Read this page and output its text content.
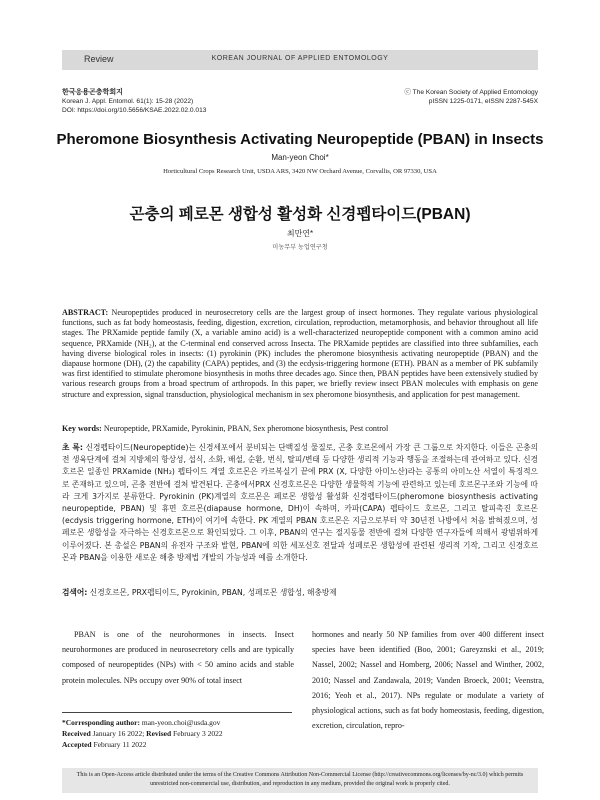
Review	KOREAN JOURNAL OF APPLIED ENTOMOLOGY
한국응용곤충학회지
Korean J. Appl. Entomol. 61(1): 15-28 (2022)
DOI: https://doi.org/10.5656/KSAE.2022.02.0.013
ⓒ The Korean Society of Applied Entomology
pISSN 1225-0171, eISSN 2287-545X
Pheromone Biosynthesis Activating Neuropeptide (PBAN) in Insects
Man-yeon Choi*
Horticultural Crops Research Unit, USDA ARS, 3420 NW Orchard Avenue, Corvallis, OR 97330, USA
곤충의 페로몬 생합성 활성화 신경펩타이드(PBAN)
최만연*
미농무부 농업연구청
ABSTRACT: Neuropeptides produced in neurosecretory cells are the largest group of insect hormones. They regulate various physiological functions, such as fat body homeostasis, feeding, digestion, excretion, circulation, reproduction, metamorphosis, and behavior throughout all life stages. The PRXamide peptide family (X, a variable amino acid) is a well-characterized neuropeptide component with a common amino acid sequence, PRXamide (NH₂), at the C-terminal end conserved across Insecta. The PRXamide peptides are classified into three subfamilies, each having diverse biological roles in insects: (1) pyrokinin (PK) includes the pheromone biosynthesis activating neuropeptide (PBAN) and the diapause hormone (DH), (2) the capability (CAPA) peptides, and (3) the ecdysis-triggering hormone (ETH). PBAN as a member of PK subfamily was first identified to stimulate pheromone biosynthesis in moths three decades ago. Since then, PBAN peptides have been extensively studied by various research groups from a broad spectrum of arthropods. In this paper, we briefly review insect PBAN molecules with emphasis on gene structure and expression, signal transduction, physiological mechanism in sex pheromone biosynthesis, and application for pest management.
Key words: Neuropeptide, PRXamide, Pyrokinin, PBAN, Sex pheromone biosynthesis, Pest control
초 록: 신경펩타이드(Neuropeptide)는 신경세포에서 분비되는 단백질성 물질로, 곤충 호르몬에서 가장 큰 그룹으로 차지한다. 이들은 곤충의 전 생육단계에 걸쳐 지방체의 항상성, 섭식, 소화, 배설, 순환, 번식, 탈피/변태 등 다양한 생리적 기능과 행동을 조절하는데 관여하고 있다. 신경호르몬 일종인 PRXamide (NH₂) 펩타이드 계열 호르몬은 카르복실기 끝에 PRX (X, 다양한 아미노산)라는 공통의 아미노산 서열이 특징적으로 존재하고 있으며, 곤충 전반에 걸쳐 발견된다. 곤충에서PRX 신경호르몬은 다양한 생물학적 기능에 관련하고 있는데 호르몬구조와 기능에 따라 크게 3가지로 분류한다. Pyrokinin (PK)계열의 호르몬은 페로몬 생합성 활성화 신경펩타이드(pheromone biosynthesis activating neuropeptide, PBAN) 및 휴면 호르몬(diapause hormone, DH)이 속하며, 카파(CAPA) 펩타이드 호르몬, 그리고 탈피촉진 호르몬(ecdysis triggering hormone, ETH)이 여기에 속한다. PK 계열의 PBAN 호르몬은 지금으로부터 약 30년전 나방에서 처음 밝혀졌으며, 성페로몬 생합성을 자극하는 신경호르몬으로 확인되었다. 그 이후, PBAN의 연구는 절지동물 전반에 걸쳐 다양한 연구자들에 의해서 광범위하게 이루어졌다. 본 총설은 PBAN의 유전자 구조와 발현, PBAN에 의한 세포신호 전달과 성페로몬 생합성에 관련된 생리적 기작, 그리고 신경호르몬과 PBAN을 이용한 새로운 해충 방제법 개발의 가능성과 예를 소개한다.
검색어: 신경호르몬, PRX펩티이드, Pyrokinin, PBAN, 성페로몬 생합성, 해충방제

PBAN is one of the neurohormones in insects. Insect neurohormones are produced in neurosecretory cells and are typically composed of neuropeptides (NPs) with < 50 amino acids and stable protein molecules. NPs occupy over 90% of total insect

hormones and nearly 50 NP families from over 400 different insect species have been identified (Boo, 2001; Gareyznski et al., 2019; Nassel, 2002; Nassel and Homberg, 2006; Nassel and Winther, 2002, 2010; Nassel and Zandawala, 2019; Vanden Broeck, 2001; Veenstra, 2016; Yeoh et al., 2017). NPs regulate or modulate a variety of physiological actions, such as fat body homeostasis, feeding, digestion, excretion, circulation, repro-

*Corresponding author: man-yeon.choi@usda.gov
Received January 16 2022; Revised February 3 2022
Accepted February 11 2022
This is an Open-Access article distributed under the terms of the Creative Commons Attribution Non-Commercial License (http://creativecommons.org/licenses/by-nc/3.0) which permits unrestricted non-commercial use, distribution, and reproduction in any medium, provided the original work is properly cited.
